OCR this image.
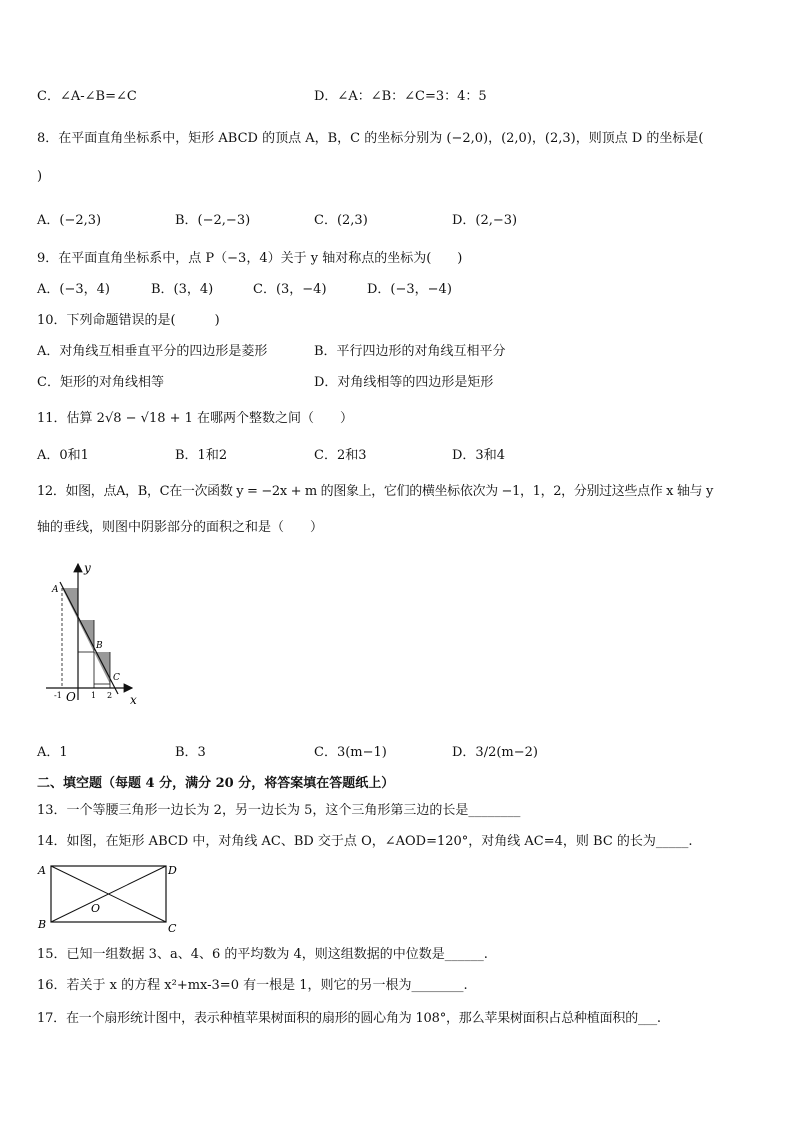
C．∠A-∠B=∠C	D．∠A：∠B：∠C=3：4：5
8．在平面直角坐标系中，矩形 ABCD 的顶点 A，B，C 的坐标分别为 (−2,0)，(2,0)，(2,3)，则顶点 D 的坐标是(
)
A．(−2,3)	B．(−2,−3)	C．(2,3)	D．(2,−3)
9．在平面直角坐标系中，点 P（−3，4）关于 y 轴对称点的坐标为(　　)
A．(−3，4)	B．(3，4)	C．(3，−4)	D．(−3，−4)
10．下列命题错误的是(　　　)
A．对角线互相垂直平分的四边形是菱形	B．平行四边形的对角线互相平分
C．矩形的对角线相等	D．对角线相等的四边形是矩形
11．估算 2√8 − √18 + 1 在哪两个整数之间（　　）
A．0和1	B．1和2	C．2和3	D．3和4
12．如图，点A，B，C在一次函数 y = −2x + m 的图象上，它们的横坐标依次为 −1，1，2，分别过这些点作 x 轴与 y
轴的垂线，则图中阴影部分的面积之和是（　　）
y
A
B
C
-1 O 1 2 x
A．1	B．3	C．3(m−1)	D．3/2(m−2)
二、填空题（每题 4 分，满分 20 分，将答案填在答题纸上）
13．一个等腰三角形一边长为 2，另一边长为 5，这个三角形第三边的长是________
14．如图，在矩形 ABCD 中，对角线 AC、BD 交于点 O，∠AOD=120°，对角线 AC=4，则 BC 的长为_____.
A	D
B	C
O
15．已知一组数据 3、a、4、6 的平均数为 4，则这组数据的中位数是______.
16．若关于 x 的方程 x²+mx-3=0 有一根是 1，则它的另一根为________.
17．在一个扇形统计图中，表示种植苹果树面积的扇形的圆心角为 108°，那么苹果树面积占总种植面积的___.
